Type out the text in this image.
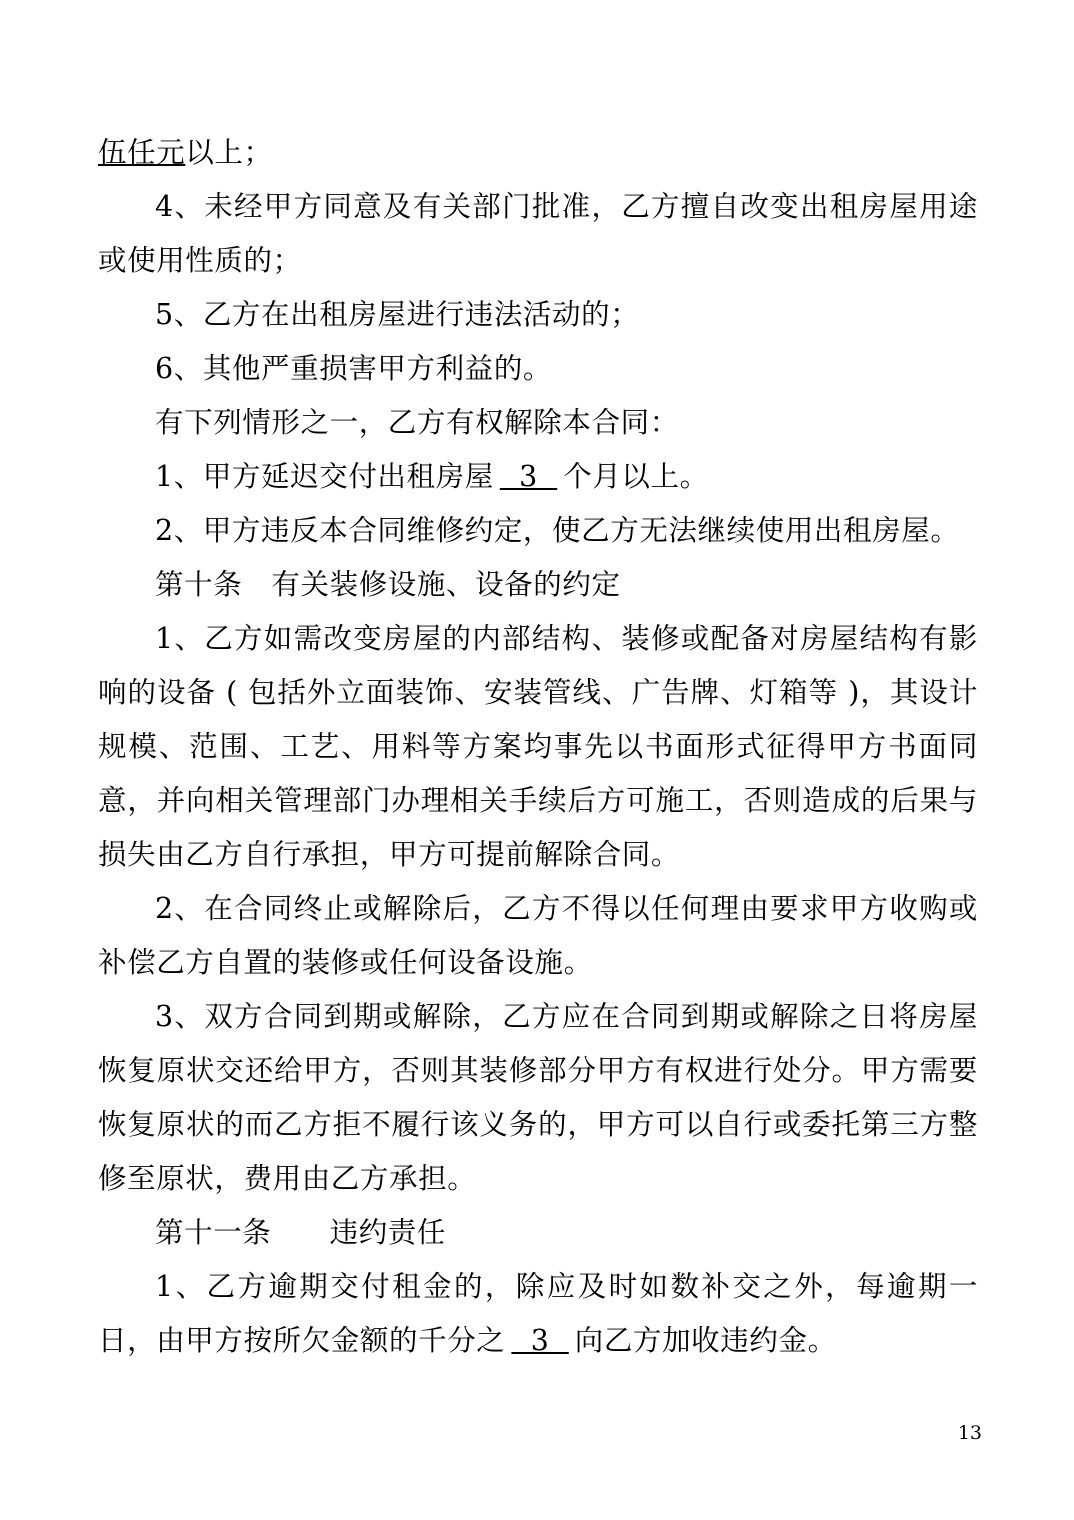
伍任元以上；

4、未经甲方同意及有关部门批准，乙方擅自改变出租房屋用途或使用性质的；

5、乙方在出租房屋进行违法活动的；

6、其他严重损害甲方利益的。

有下列情形之一，乙方有权解除本合同：

1、甲方延迟交付出租房屋  3  个月以上。

2、甲方违反本合同维修约定，使乙方无法继续使用出租房屋。

第十条　有关装修设施、设备的约定

1、乙方如需改变房屋的内部结构、装修或配备对房屋结构有影响的设备 ( 包括外立面装饰、安装管线、广告牌、灯箱等 )，其设计规模、范围、工艺、用料等方案均事先以书面形式征得甲方书面同意，并向相关管理部门办理相关手续后方可施工，否则造成的后果与损失由乙方自行承担，甲方可提前解除合同。

2、在合同终止或解除后，乙方不得以任何理由要求甲方收购或补偿乙方自置的装修或任何设备设施。

3、双方合同到期或解除，乙方应在合同到期或解除之日将房屋恢复原状交还给甲方，否则其装修部分甲方有权进行处分。甲方需要恢复原状的而乙方拒不履行该义务的，甲方可以自行或委托第三方整修至原状，费用由乙方承担。

第十一条　　违约责任

1、乙方逾期交付租金的，除应及时如数补交之外，每逾期一日，由甲方按所欠金额的千分之  3  向乙方加收违约金。

13
